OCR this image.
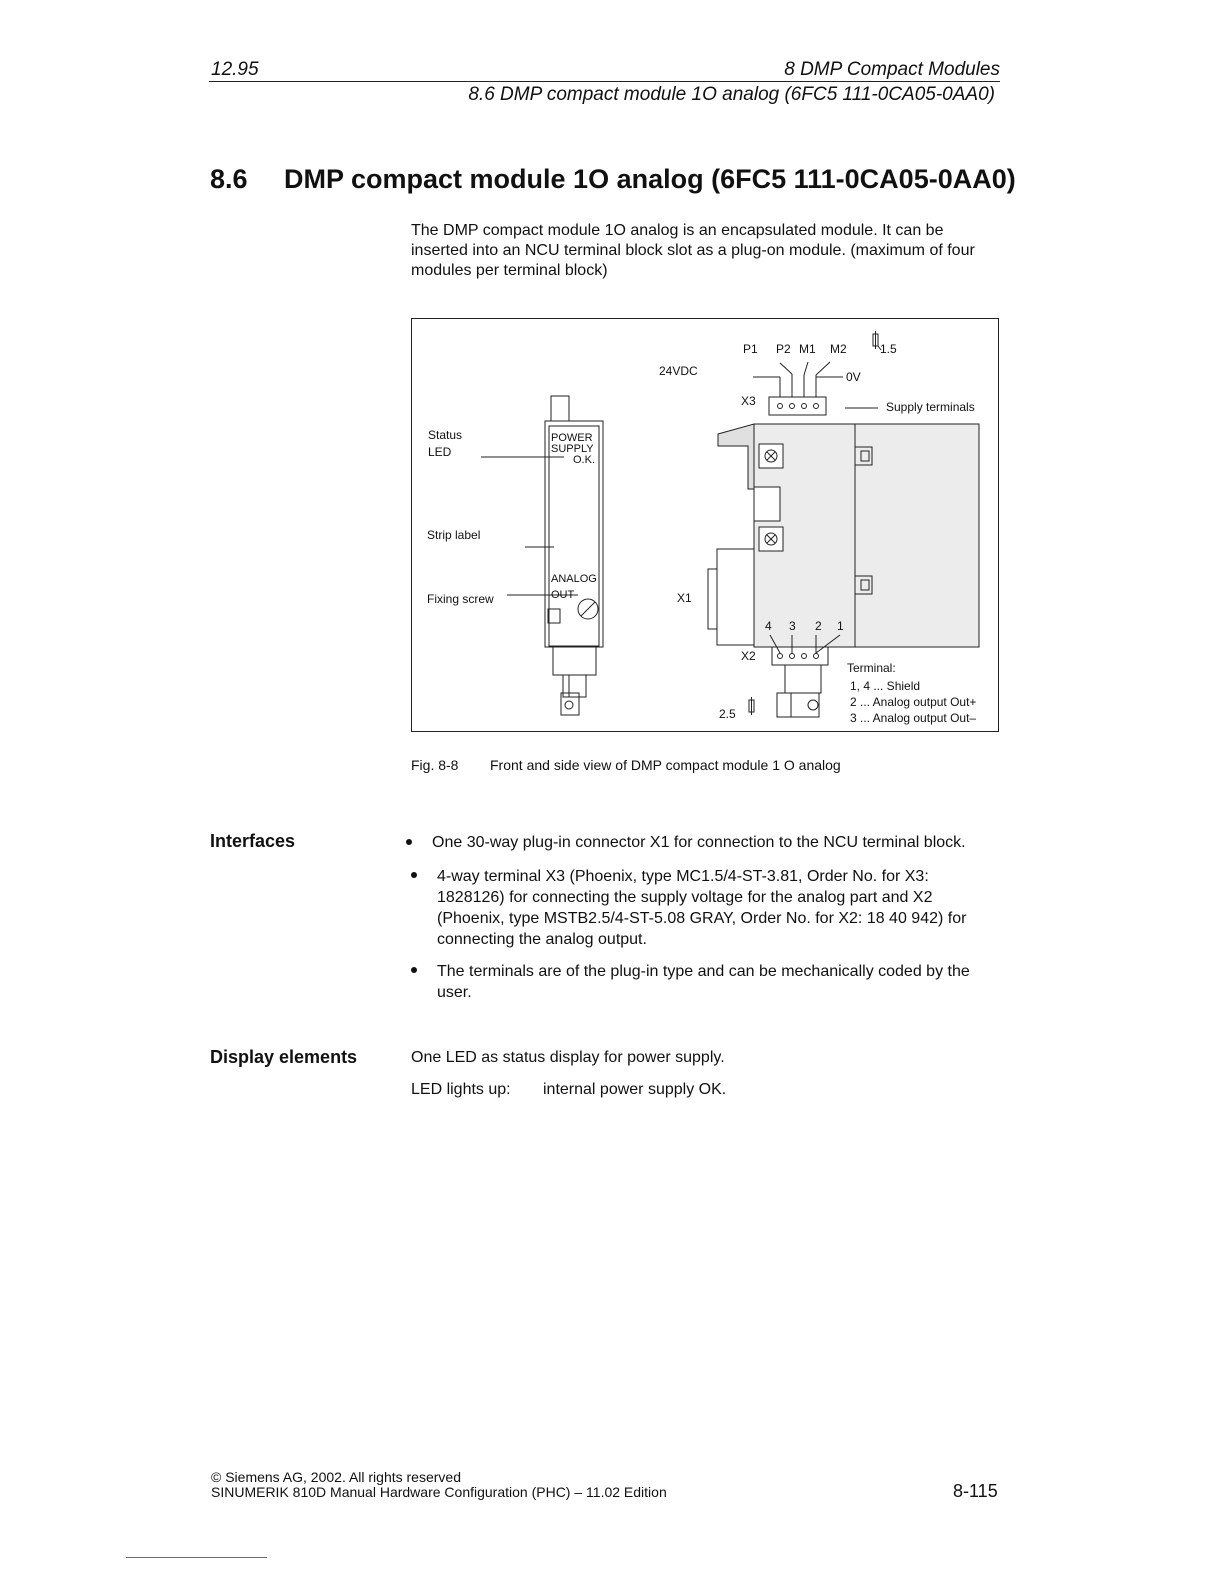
12.95	8 DMP Compact Modules
8.6 DMP compact module 1O analog (6FC5 111-0CA05-0AA0)
8.6 DMP compact module 1O analog (6FC5 111-0CA05-0AA0)
The DMP compact module 1O analog is an encapsulated module. It can be
inserted into an NCU terminal block slot as a plug-on module. (maximum of four
modules per terminal block)
Status
LED
POWER
SUPPLY
O.K.
Strip label
ANALOG
OUT
Fixing screw
P1 P2 M1 M2	1.5
24VDC	0V
X3	Supply terminals
X1
4 3 2 1
X2
2.5
Terminal:
1, 4 ... Shield
2 ... Analog output Out+
3 ... Analog output Out–
Fig. 8-8 Front and side view of DMP compact module 1 O analog
Interfaces	One 30-way plug-in connector X1 for connection to the NCU terminal block.
4-way terminal X3 (Phoenix, type MC1.5/4-ST-3.81, Order No. for X3:
1828126) for connecting the supply voltage for the analog part and X2
(Phoenix, type MSTB2.5/4-ST-5.08 GRAY, Order No. for X2: 18 40 942) for
connecting the analog output.
The terminals are of the plug-in type and can be mechanically coded by the
user.
Display elements	One LED as status display for power supply.
LED lights up: internal power supply OK.
© Siemens AG, 2002. All rights reserved
SINUMERIK 810D Manual Hardware Configuration (PHC) – 11.02 Edition	8-115
